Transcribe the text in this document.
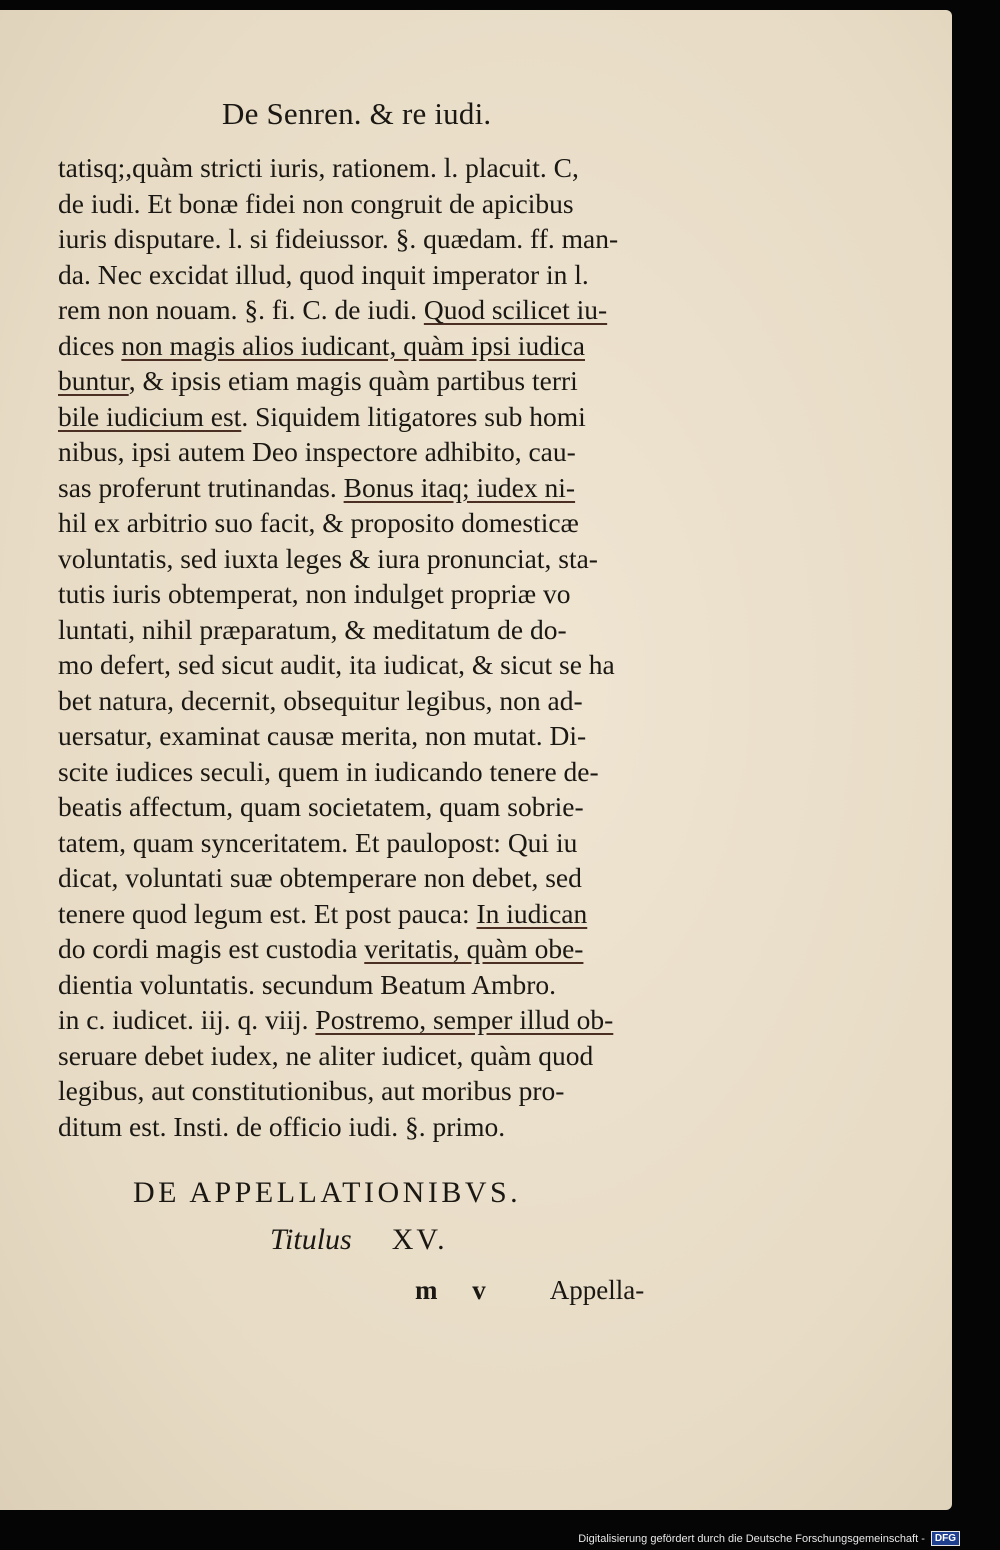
De Senren. & re iudi.
tatisq;,quàm stricti iuris, rationem. l. placuit. C,
de iudi. Et bonæ fidei non congruit de apicibus
iuris disputare. l. si fideiussor. §. quædam. ff. man-
da. Nec excidat illud, quod inquit imperator in l.
rem non nouam. §. fi. C. de iudi. Quod scilicet iu-
dices non magis alios iudicant, quàm ipsi iudica
buntur, & ipsis etiam magis quàm partibus terri
bile iudicium est. Siquidem litigatores sub homi
nibus, ipsi autem Deo inspectore adhibito, cau-
sas proferunt trutinandas. Bonus itaq; iudex ni-
hil ex arbitrio suo facit, & proposito domesticæ
voluntatis, sed iuxta leges & iura pronunciat, sta-
tutis iuris obtemperat, non indulget propriæ vo
luntati, nihil præparatum, & meditatum de do-
mo defert, sed sicut audit, ita iudicat, & sicut se ha
bet natura, decernit, obsequitur legibus, non ad-
uersatur, examinat causæ merita, non mutat. Di-
scite iudices seculi, quem in iudicando tenere de-
beatis affectum, quam societatem, quam sobrie-
tatem, quam synceritatem. Et paulopost: Qui iu
dicat, voluntati suæ obtemperare non debet, sed
tenere quod legum est. Et post pauca: In iudican
do cordi magis est custodia veritatis, quàm obe-
dientia voluntatis. secundum Beatum Ambro.
in c. iudicet. iij. q. viij. Postremo, semper illud ob-
seruare debet iudex, ne aliter iudicet, quàm quod
legibus, aut constitutionibus, aut moribus pro-
ditum est. Insti. de officio iudi. §. primo.
DE APPELLATIONIBVS.
Titulus XV.
m v Appella-
Digitalisierung gefördert durch die Deutsche Forschungsgemeinschaft -	DFG
